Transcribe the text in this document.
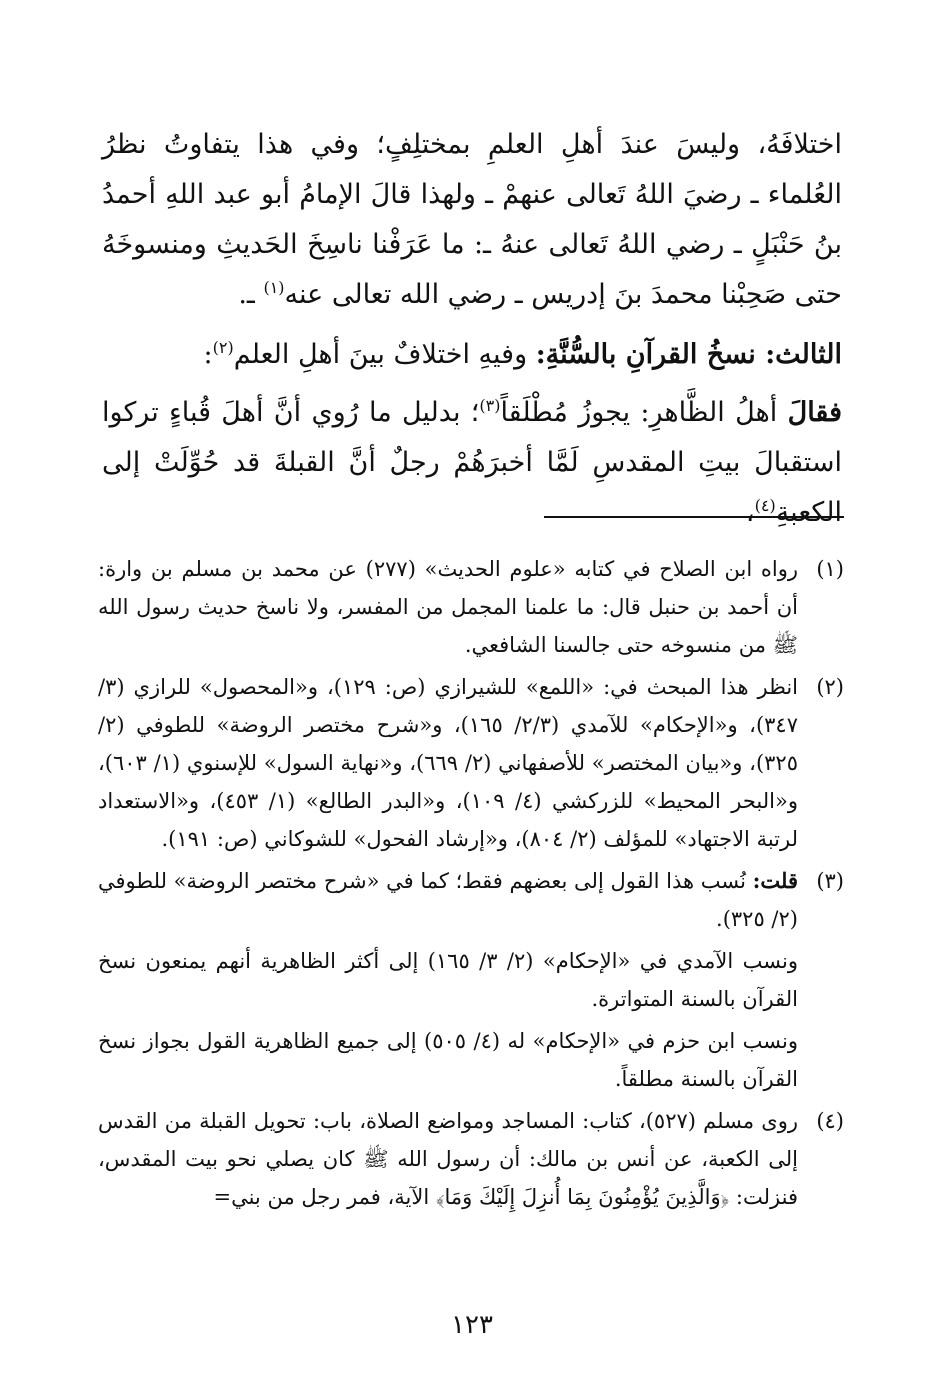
اختلافَهُ، وليسَ عندَ أهلِ العلمِ بمختلِفٍ؛ وفي هذا يتفاوتُ نظرُ العُلماء ـ رضيَ اللهُ تَعالى عنهمْ ـ ولهذا قالَ الإمامُ أبو عبد اللهِ أحمدُ بنُ حَنْبَلٍ ـ رضي اللهُ تَعالى عنهُ ـ: ما عَرَفْنا ناسِخَ الحَديثِ ومنسوخَهُ حتى صَحِبْنا محمدَ بنَ إدريس ـ رضي الله تعالى عنه$^{(١)}$ ـ.

الثالث: نسخُ القرآنِ بالسُّنَّةِ: وفيهِ اختلافٌ بينَ أهلِ العلم$^{(٢)}$:

فقالَ أهلُ الظَّاهرِ: يجوزُ مُطْلَقاً$^{(٣)}$؛ بدليل ما رُوي أنَّ أهلَ قُباءٍ تركوا استقبالَ بيتِ المقدسِ لَمَّا أخبرَهُمْ رجلٌ أنَّ القبلةَ قد حُوِّلَتْ إلى الكعبةِ$^{(٤)}$،

(١)

رواه ابن الصلاح في كتابه «علوم الحديث» (٢٧٧) عن محمد بن مسلم بن وارة: أن أحمد بن حنبل قال: ما علمنا المجمل من المفسر، ولا ناسخ حديث رسول الله ﷺ من منسوخه حتى جالسنا الشافعي.

(٢)

انظر هذا المبحث في: «اللمع» للشيرازي (ص: ١٢٩)، و«المحصول» للرازي (٣/ ٣٤٧)، و«الإحكام» للآمدي (٢/٣/ ١٦٥)، و«شرح مختصر الروضة» للطوفي (٢/ ٣٢٥)، و«بيان المختصر» للأصفهاني (٢/ ٦٦٩)، و«نهاية السول» للإسنوي (١/ ٦٠٣)، و«البحر المحيط» للزركشي (٤/ ١٠٩)، و«البدر الطالع» (١/ ٤٥٣)، و«الاستعداد لرتبة الاجتهاد» للمؤلف (٢/ ٨٠٤)، و«إرشاد الفحول» للشوكاني (ص: ١٩١).

(٣)

قلت: نُسب هذا القول إلى بعضهم فقط؛ كما في «شرح مختصر الروضة» للطوفي (٢/ ٣٢٥).

ونسب الآمدي في «الإحكام» (٢/ ٣/ ١٦٥) إلى أكثر الظاهرية أنهم يمنعون نسخ القرآن بالسنة المتواترة.

ونسب ابن حزم في «الإحكام» له (٤/ ٥٠٥) إلى جميع الظاهرية القول بجواز نسخ القرآن بالسنة مطلقاً.

(٤)

روى مسلم (٥٢٧)، كتاب: المساجد ومواضع الصلاة، باب: تحويل القبلة من القدس إلى الكعبة، عن أنس بن مالك: أن رسول الله ﷺ كان يصلي نحو بيت المقدس، فنزلت: ﴿وَالَّذِينَ يُؤْمِنُونَ بِمَا أُنزِلَ إِلَيْكَ وَمَا﴾ الآية، فمر رجل من بني=

١٢٣
